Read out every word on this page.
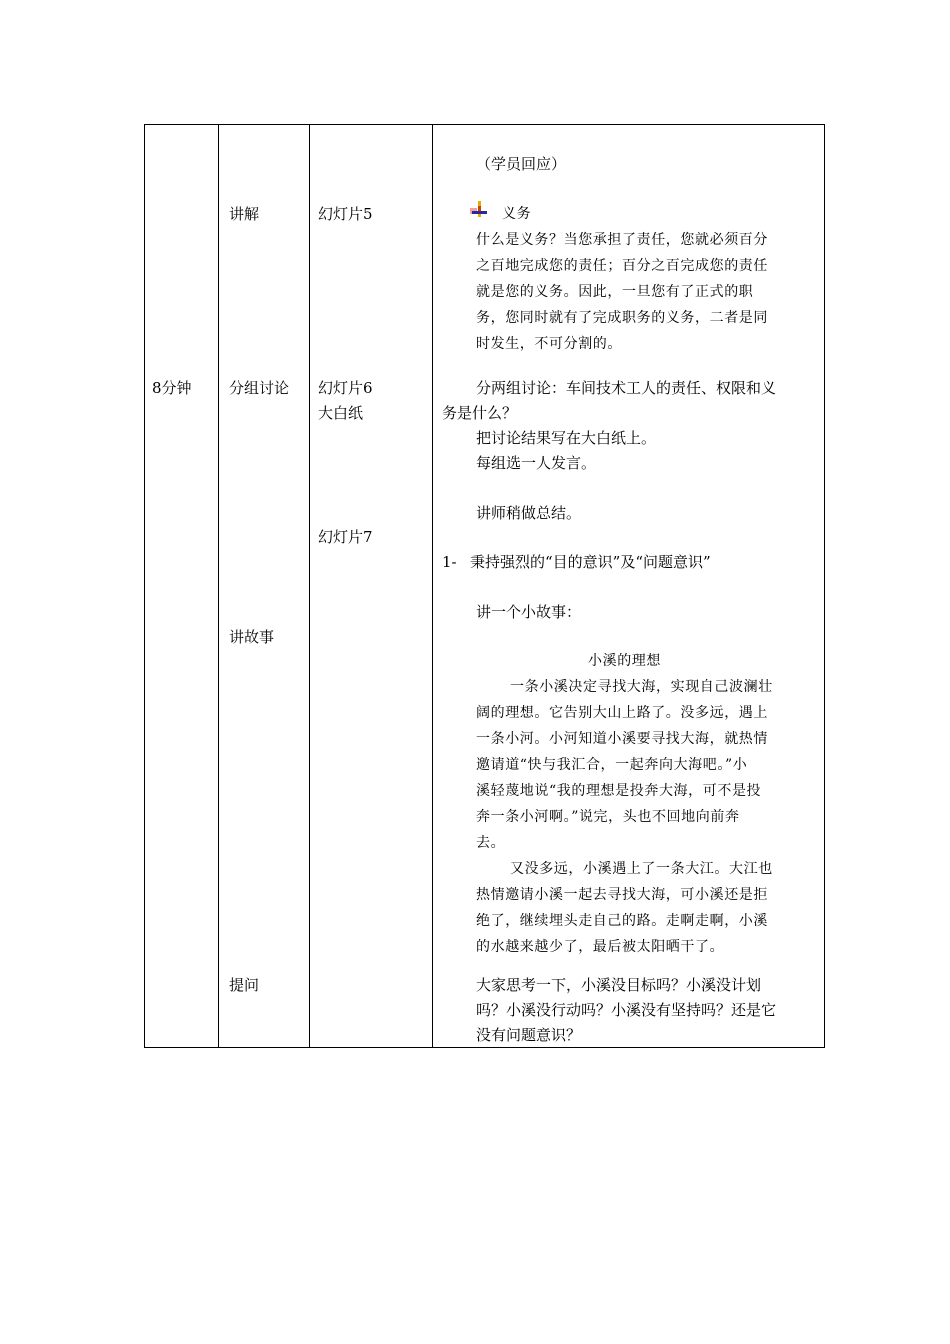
8分钟
讲解
分组讨论
讲故事
提问
幻灯片5
幻灯片6
大白纸
幻灯片7
（学员回应）
义务
什么是义务？当您承担了责任，您就必须百分
之百地完成您的责任；百分之百完成您的责任
就是您的义务。因此，一旦您有了正式的职
务，您同时就有了完成职务的义务，二者是同
时发生，不可分割的。
分两组讨论：车间技术工人的责任、权限和义
务是什么？
把讨论结果写在大白纸上。
每组选一人发言。
讲师稍做总结。
1- 秉持强烈的“目的意识”及“问题意识”
讲一个小故事：
小溪的理想
一条小溪决定寻找大海，实现自己波澜壮
阔的理想。它告别大山上路了。没多远，遇上
一条小河。小河知道小溪要寻找大海，就热情
邀请道“快与我汇合，一起奔向大海吧。”小
溪轻蔑地说“我的理想是投奔大海，可不是投
奔一条小河啊。”说完，头也不回地向前奔
去。
又没多远，小溪遇上了一条大江。大江也
热情邀请小溪一起去寻找大海，可小溪还是拒
绝了，继续埋头走自己的路。走啊走啊，小溪
的水越来越少了，最后被太阳晒干了。
大家思考一下，小溪没目标吗？小溪没计划
吗？小溪没行动吗？小溪没有坚持吗？还是它
没有问题意识？
